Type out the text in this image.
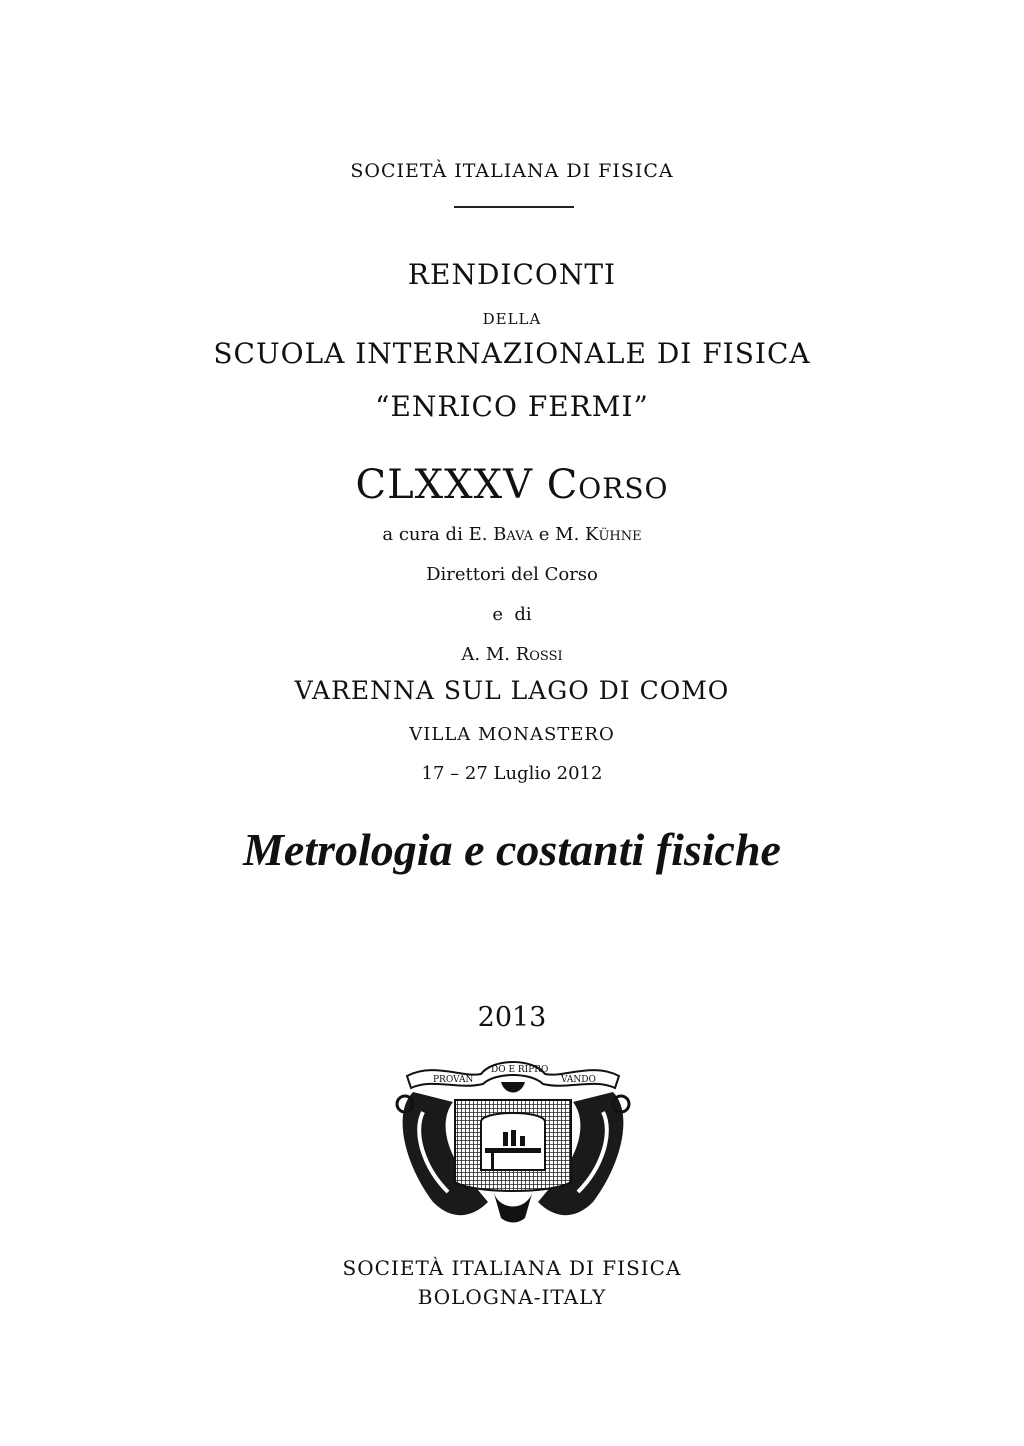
SOCIETÀ ITALIANA DI FISICA
RENDICONTI
DELLA
SCUOLA INTERNAZIONALE DI FISICA
“ENRICO FERMI”
CLXXXV Corso
a cura di E. Bava e M. Kühne
Direttori del Corso
e  di
A. M. Rossi
VARENNA SUL LAGO DI COMO
VILLA MONASTERO
17 – 27 Luglio 2012
Metrologia e costanti fisiche
2013
PROVAN
DO E RIPRO
VANDO
SOCIETÀ ITALIANA DI FISICA
BOLOGNA-ITALY
